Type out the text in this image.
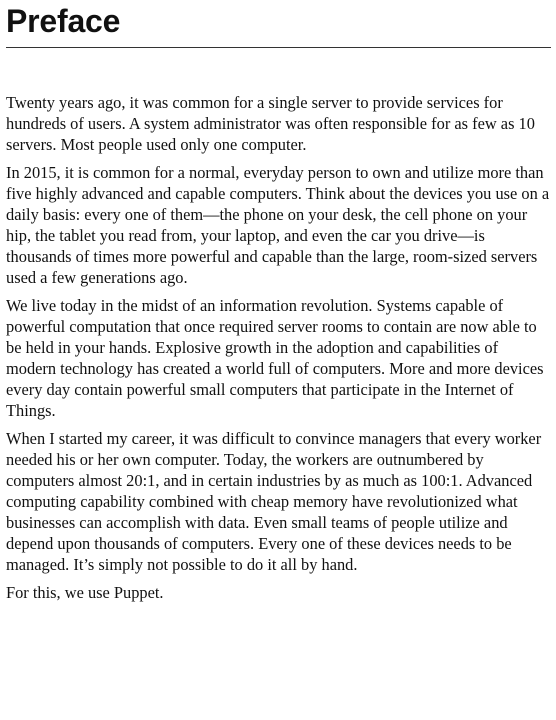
Preface

Twenty years ago, it was common for a single server to provide services for hundreds of users. A system administrator was often responsible for as few as 10 servers. Most people used only one computer.

In 2015, it is common for a normal, everyday person to own and utilize more than five highly advanced and capable computers. Think about the devices you use on a daily basis: every one of them—the phone on your desk, the cell phone on your hip, the tablet you read from, your laptop, and even the car you drive—is thousands of times more powerful and capable than the large, room-sized servers used a few generations ago.

We live today in the midst of an information revolution. Systems capable of powerful computation that once required server rooms to contain are now able to be held in your hands. Explosive growth in the adoption and capabilities of modern technology has created a world full of computers. More and more devices every day contain powerful small computers that participate in the Internet of Things.

When I started my career, it was difficult to convince managers that every worker needed his or her own computer. Today, the workers are outnumbered by computers almost 20:1, and in certain industries by as much as 100:1. Advanced computing capability combined with cheap memory have revolutionized what businesses can accomplish with data. Even small teams of people utilize and depend upon thousands of computers. Every one of these devices needs to be managed. It’s simply not possible to do it all by hand.

For this, we use Puppet.
